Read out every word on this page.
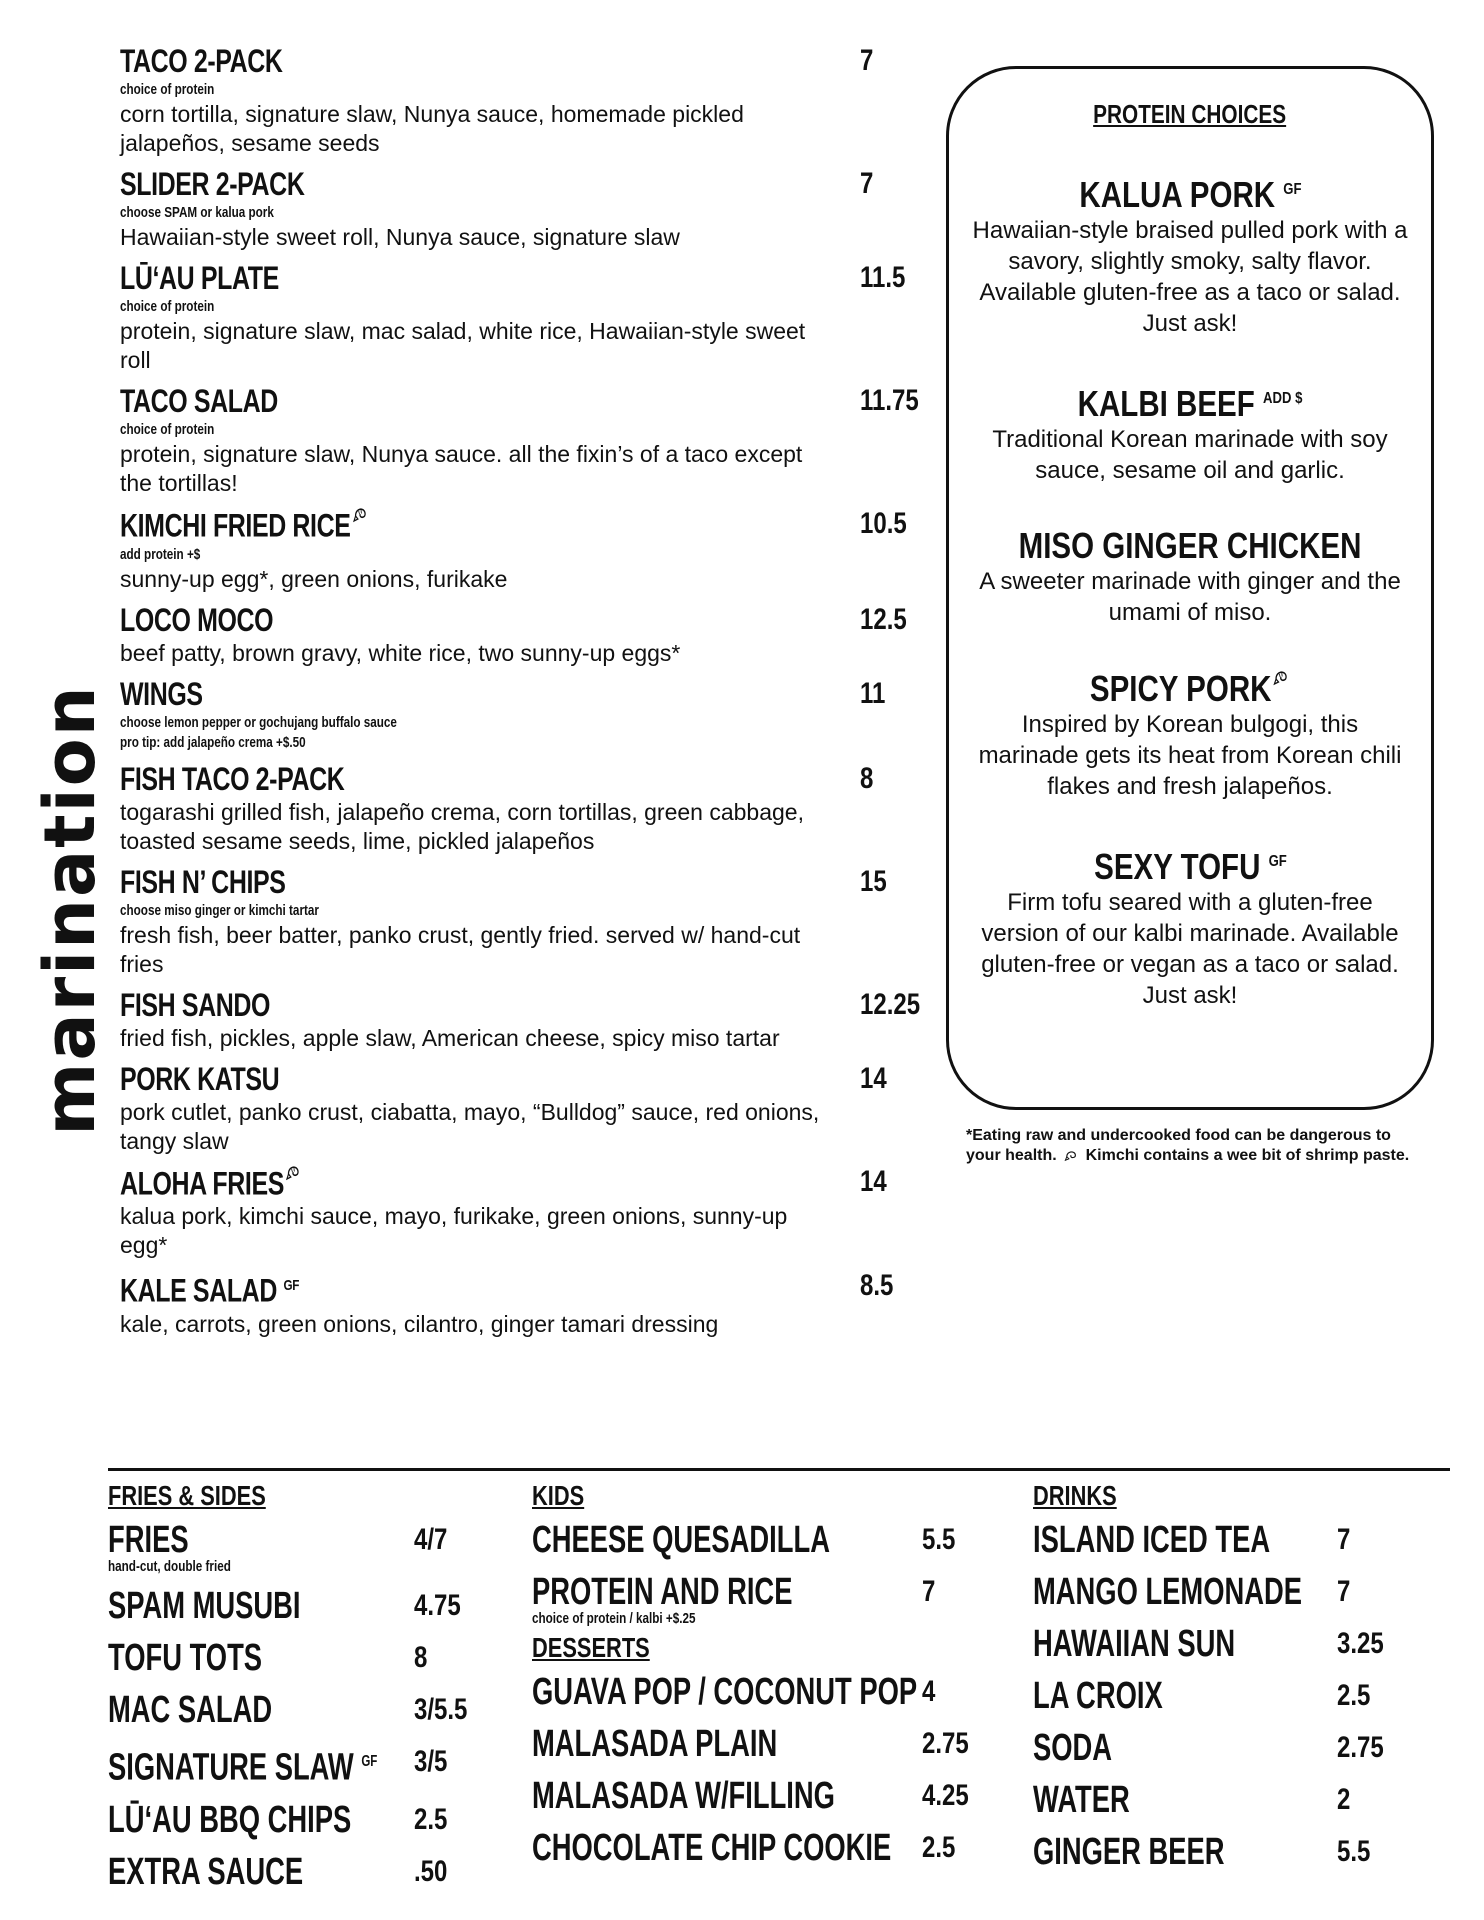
marination
TACO 2-PACK	7
choice of protein
corn tortilla, signature slaw, Nunya sauce, homemade pickled jalapeños, sesame seeds
SLIDER 2-PACK	7
choose SPAM or kalua pork
Hawaiian-style sweet roll, Nunya sauce, signature slaw
LŪ‘AU PLATE	11.5
choice of protein
protein, signature slaw, mac salad, white rice, Hawaiian-style sweet roll
TACO SALAD	11.75
choice of protein
protein, signature slaw, Nunya sauce. all the fixin’s of a taco except the tortillas!
KIMCHI FRIED RICE	10.5
add protein +$
sunny-up egg*, green onions, furikake
LOCO MOCO	12.5
beef patty, brown gravy, white rice, two sunny-up eggs*
WINGS	11
choose lemon pepper or gochujang buffalo sauce
pro tip: add jalapeño crema +$.50
FISH TACO 2-PACK	8
togarashi grilled fish, jalapeño crema, corn tortillas, green cabbage, toasted sesame seeds, lime, pickled jalapeños
FISH N’ CHIPS	15
choose miso ginger or kimchi tartar
fresh fish, beer batter, panko crust, gently fried. served w/ hand-cut fries
FISH SANDO	12.25
fried fish, pickles, apple slaw, American cheese, spicy miso tartar
PORK KATSU	14
pork cutlet, panko crust, ciabatta, mayo, “Bulldog” sauce, red onions, tangy slaw
ALOHA FRIES	14
kalua pork, kimchi sauce, mayo, furikake, green onions, sunny-up egg*
KALE SALAD $^{GF}$	8.5
kale, carrots, green onions, cilantro, ginger tamari dressing
PROTEIN CHOICES
KALUA PORK $^{GF}$
Hawaiian-style braised pulled pork with a savory, slightly smoky, salty flavor. Available gluten-free as a taco or salad. Just ask!
KALBI BEEF $^{ADD \$}$
Traditional Korean marinade with soy sauce, sesame oil and garlic.
MISO GINGER CHICKEN
A sweeter marinade with ginger and the umami of miso.
SPICY PORK
Inspired by Korean bulgogi, this marinade gets its heat from Korean chili flakes and fresh jalapeños.
SEXY TOFU $^{GF}$
Firm tofu seared with a gluten-free version of our kalbi marinade. Available gluten-free or vegan as a taco or salad. Just ask!
*Eating raw and undercooked food can be dangerous to
your health. Kimchi contains a wee bit of shrimp paste.
FRIES & SIDES
FRIES	4/7
hand-cut, double fried
SPAM MUSUBI	4.75
TOFU TOTS	8
MAC SALAD	3/5.5
SIGNATURE SLAW $^{GF}$ 3/5
LŪ‘AU BBQ CHIPS 2.5
EXTRA SAUCE	.50
KIDS
CHEESE QUESADILLA	5.5
PROTEIN AND RICE	7
choice of protein / kalbi +$.25
DESSERTS
GUAVA POP / COCONUT POP 4
MALASADA PLAIN	2.75
MALASADA W/FILLING	4.25
CHOCOLATE CHIP COOKIE 2.5
DRINKS
ISLAND ICED TEA 7
MANGO LEMONADE 7
HAWAIIAN SUN	3.25
LA CROIX	2.5
SODA	2.75
WATER	2
GINGER BEER	5.5
